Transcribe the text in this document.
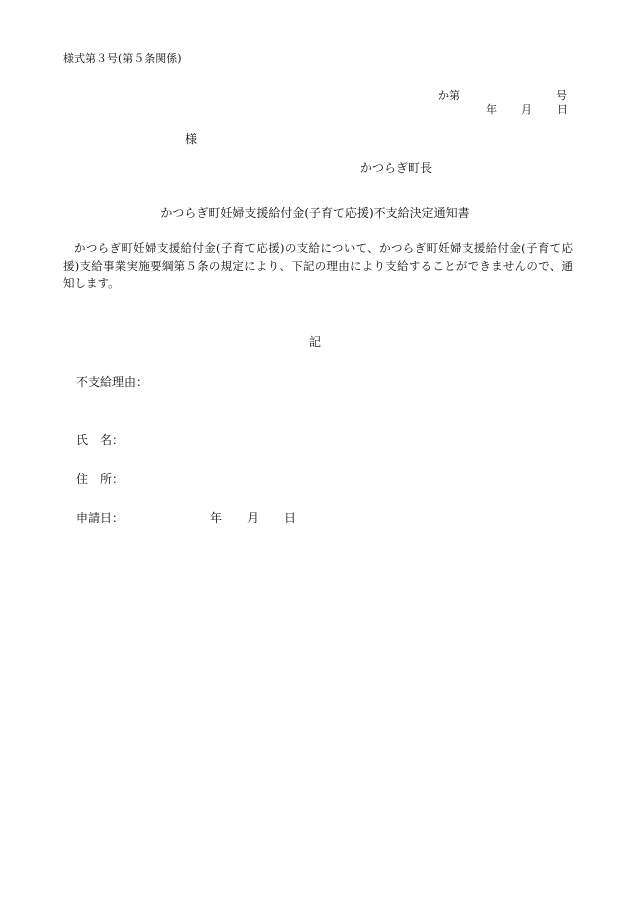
様式第３号(第５条関係)
か第	号
年 月 日
様
かつらぎ町長
かつらぎ町妊婦支援給付金(子育て応援)不支給決定通知書
かつらぎ町妊婦支援給付金(子育て応援)の支給について、かつらぎ町妊婦支援給付金(子育て応援)支給事業実施要綱第５条の規定により、下記の理由により支給することができませんので、通知します。
記
不支給理由：
氏　名：
住　所：
申請日：	年 月 日
